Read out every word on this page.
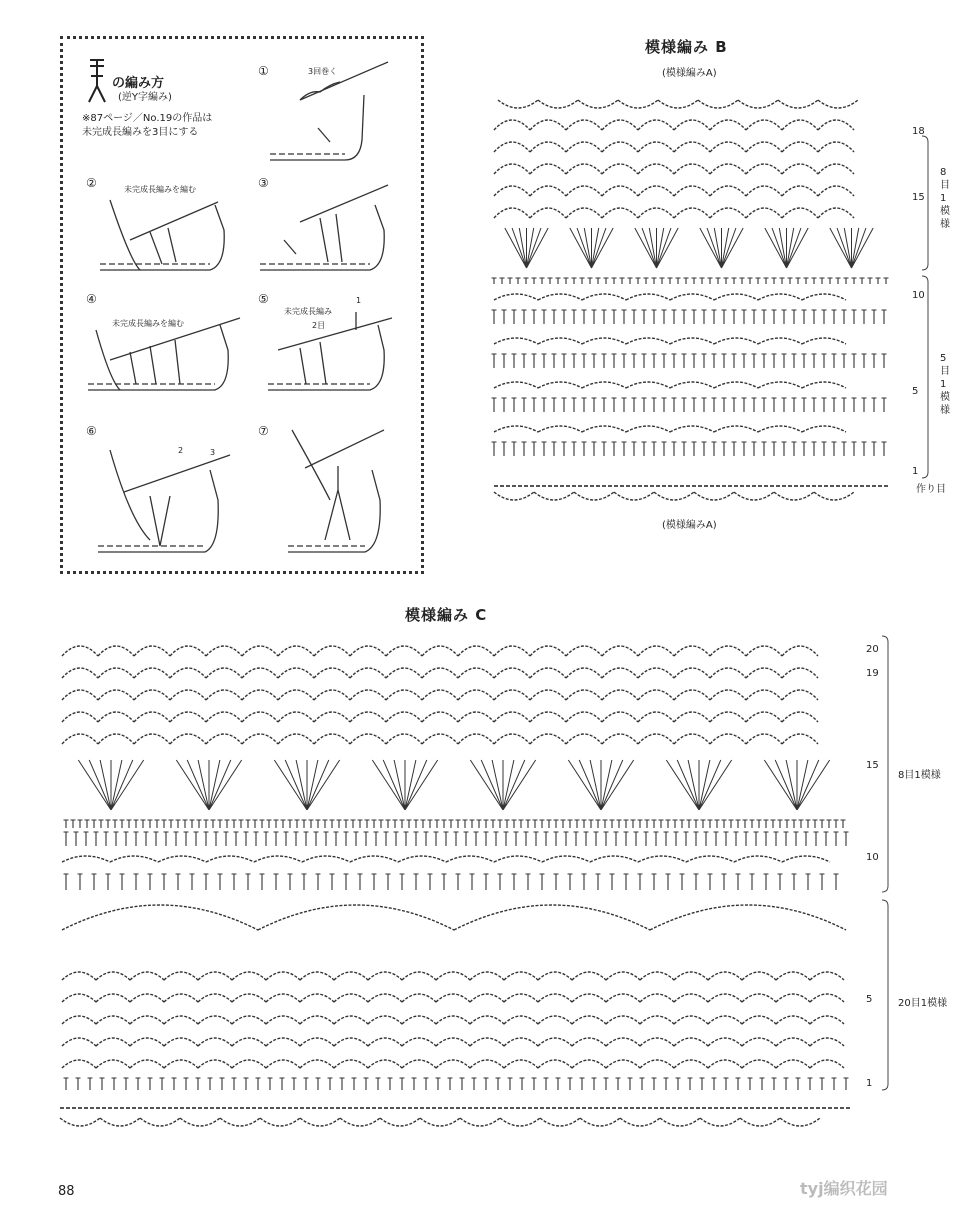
の編み方
(逆Y字編み)
※87ページ／No.19の作品は
未完成長編みを3目にする
①
②	③
④	⑤
⑥	⑦
3回巻く
未完成長編みを編む
未完成長編みを編む
未完成長編み
2目
1
2	3
模様編み B
(模様編みA)
(模様編みA)
18
15
10
5
1
8目1模様
5目1模様
作り目
模様編み C
20
19
15
10
5
1
8目1模様
20目1模様
88	tyj编织花园
